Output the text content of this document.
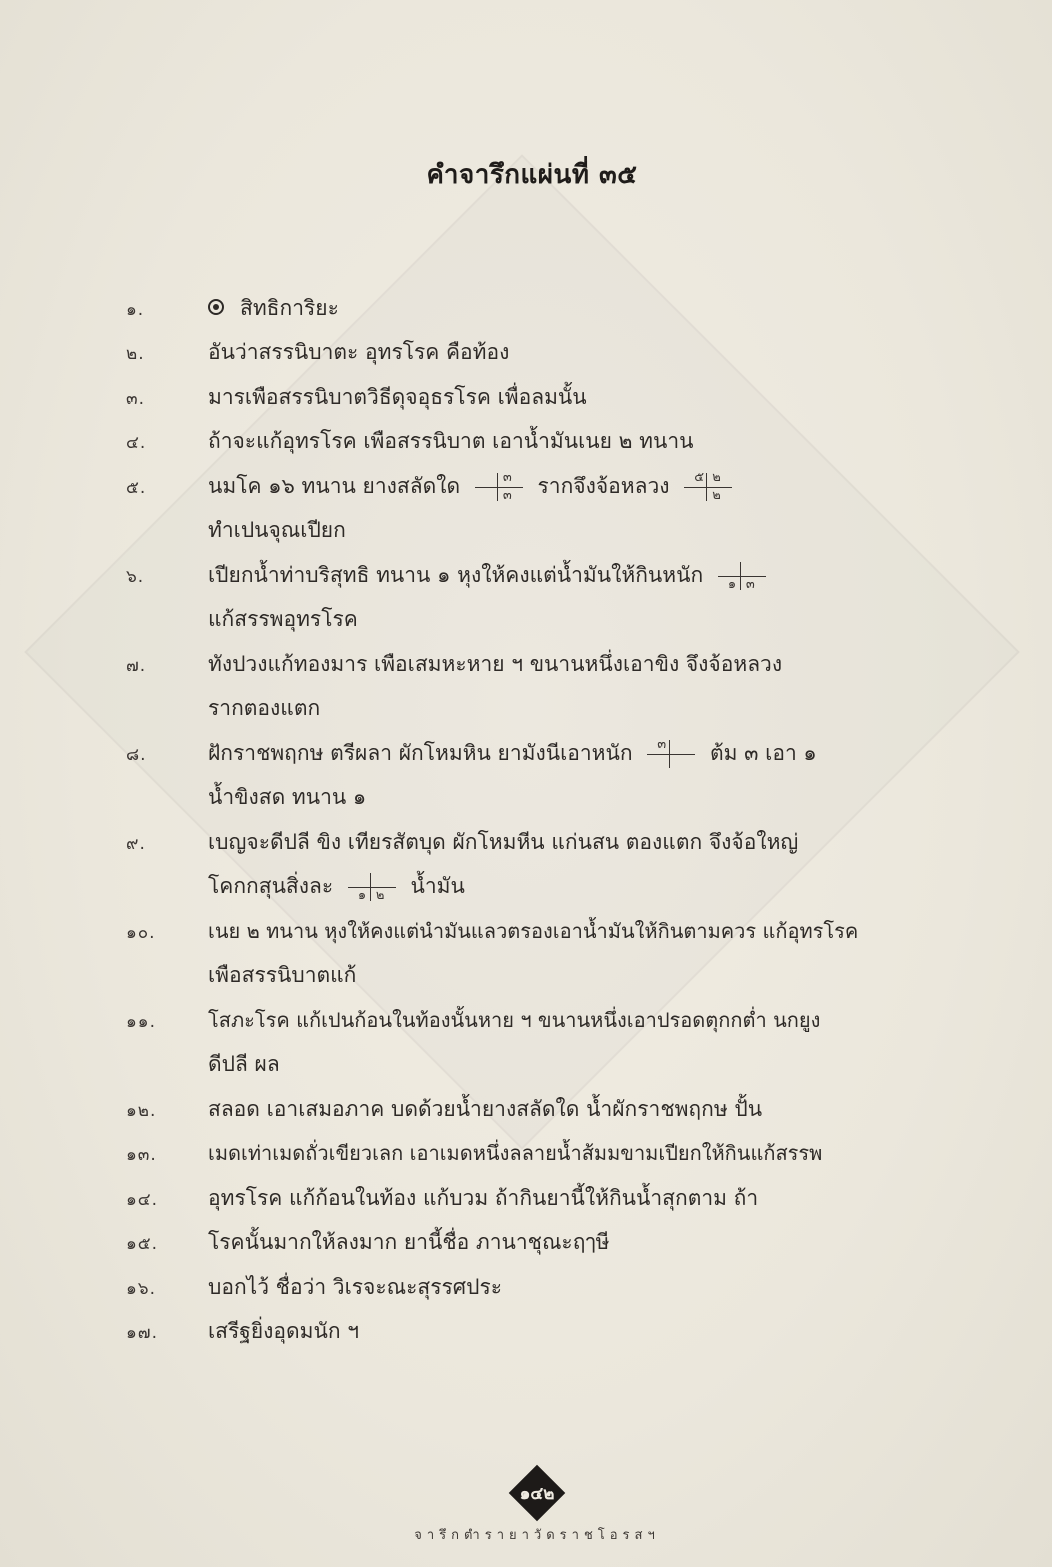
คำจารึกแผ่นที่ ๓๕
๑.	สิทธิการิยะ
๒.	อันว่าสรรนิบาตะ อุทรโรค คือท้อง
๓.	มารเพือสรรนิบาตวิธีดุจอุธรโรค เพื่อลมนั้น
๔.	ถ้าจะแก้อุทรโรค เพือสรรนิบาต เอาน้ำมันเนย ๒ ทนาน
๕.	นมโค ๑๖ ทนาน ยางสลัดใด	๓
๓ รากจึงจ้อหลวง ๕ ๒
๒
ทำเปนจุณเปียก
๖.	เปียกน้ำท่าบริสุทธิ ทนาน ๑ หุงให้คงแต่น้ำมันให้กินหนัก ๑ ๓
แก้สรรพอุทรโรค
๗.	ทังปวงแก้ทองมาร เพือเสมหะหาย ฯ ขนานหนึ่งเอาขิง จึงจ้อหลวง
รากตองแตก
๘.	ฝักราชพฤกษ ตรีผลา ผักโหมหิน ยามังนีเอาหนัก ๓ ต้ม ๓ เอา ๑
น้ำขิงสด ทนาน ๑
๙.	เบญจะดีปลี ขิง เทียรสัตบุด ผักโหมหีน แก่นสน ตองแตก จึงจ้อใหญ่
โคกกสุนสิ่งละ ๑ ๒ น้ำมัน
๑๐.	เนย ๒ ทนาน หุงให้คงแต่นำมันแลวตรองเอาน้ำมันให้กินตามควร แก้อุทรโรค
เพือสรรนิบาตแก้
๑๑.	โสภะโรค แก้เปนก้อนในท้องนั้นหาย ฯ ขนานหนึ่งเอาปรอดตุกกต่ำ นกยูง
ดีปลี ผล
๑๒. สลอด เอาเสมอภาค บดด้วยน้ำยางสลัดใด น้ำผักราชพฤกษ ปั้น
๑๓.	เมดเท่าเมดถั่วเขียวเลก เอาเมดหนึ่งลลายน้ำส้มมขามเปียกให้กินแก้สรรพ
๑๔. อุทรโรค แก้ก้อนในท้อง แก้บวม ถ้ากินยานี้ให้กินน้ำสุกตาม ถ้า
๑๕. โรคนั้นมากให้ลงมาก ยานี้ชื่อ ภานาชุณะฤๅษี
๑๖. บอกไว้ ชื่อว่า วิเรจะณะสุรรศประ
๑๗. เสรีฐยิ่งอุดมนัก ฯ
๑๔๒
จารึกตำรายาวัดราชโอรสฯ
